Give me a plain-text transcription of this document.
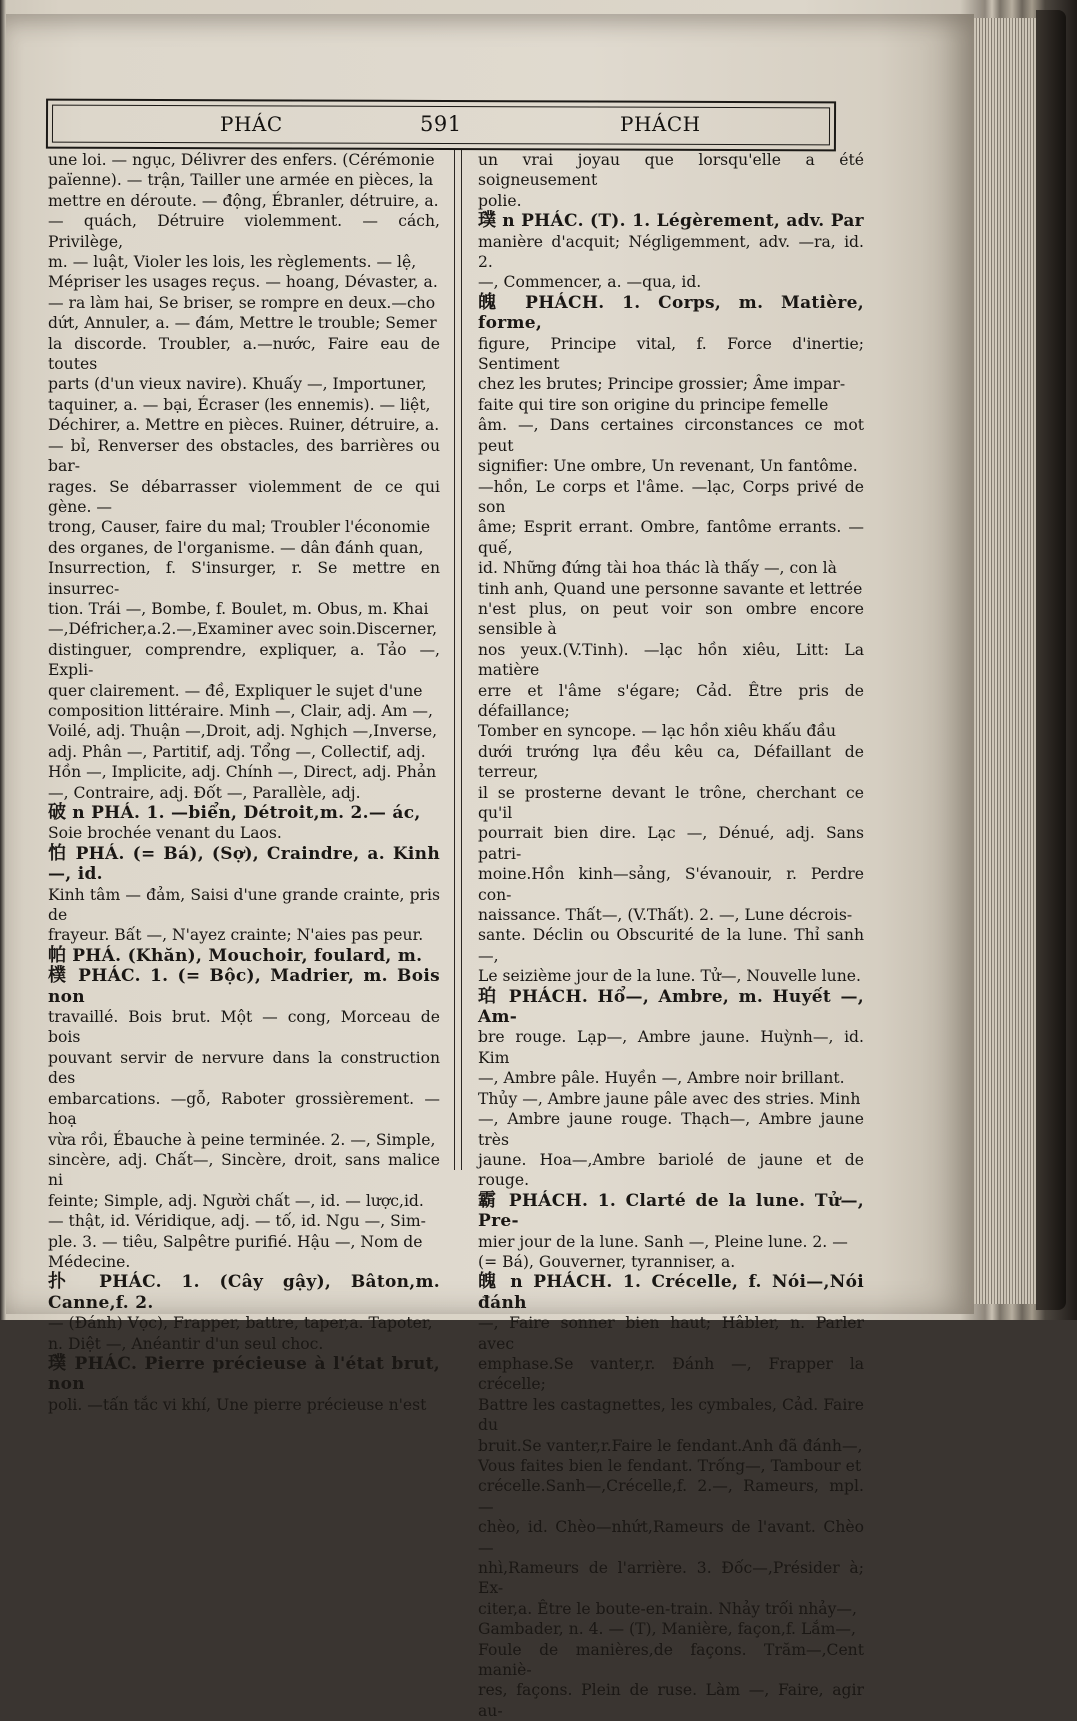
PHÁC	591	PHÁCH

une loi. — ngục, Délivrer des enfers. (Cérémonie
païenne). — trận, Tailler une armée en pièces, la
mettre en déroute. — động, Ébranler, détruire, a.
— quách, Détruire violemment. — cách, Privilège,
m. — luật, Violer les lois, les règlements. — lệ,
Mépriser les usages reçus. — hoang, Dévaster, a.
— ra làm hai, Se briser, se rompre en deux.—cho
dứt, Annuler, a. — đám, Mettre le trouble; Semer
la discorde. Troubler, a.—nước, Faire eau de toutes
parts (d'un vieux navire). Khuấy —, Importuner,
taquiner, a. — bại, Écraser (les ennemis). — liệt,
Déchirer, a. Mettre en pièces. Ruiner, détruire, a.
— bỉ, Renverser des obstacles, des barrières ou bar-
rages. Se débarrasser violemment de ce qui gène. —
trong, Causer, faire du mal; Troubler l'économie
des organes, de l'organisme. — dân đánh quan,
Insurrection, f. S'insurger, r. Se mettre en insurrec-
tion. Trái —, Bombe, f. Boulet, m. Obus, m. Khai
—,Défricher,a.2.—,Examiner avec soin.Discerner,
distinguer, comprendre, expliquer, a. Tảo —, Expli-
quer clairement. — đề, Expliquer le sujet d'une
composition littéraire. Minh —, Clair, adj. Am —,
Voilé, adj. Thuận —,Droit, adj. Nghịch —,Inverse,
adj. Phân —, Partitif, adj. Tổng —, Collectif, adj.
Hồn —, Implicite, adj. Chính —, Direct, adj. Phản
—, Contraire, adj. Đốt —, Parallèle, adj.

破 n PHÁ. 1. —biển, Détroit,m. 2.— ác,
Soie brochée venant du Laos.

怕 PHÁ. (= Bá), (Sợ), Craindre, a. Kinh —, id.
Kinh tâm — đảm, Saisi d'une grande crainte, pris de
frayeur. Bất —, N'ayez crainte; N'aies pas peur.

帕 PHÁ. (Khăn), Mouchoir, foulard, m.

樸 PHÁC. 1. (= Bộc), Madrier, m. Bois non
travaillé. Bois brut. Một — cong, Morceau de bois
pouvant servir de nervure dans la construction des
embarcations. —gỗ, Raboter grossièrement. —hoạ
vừa rồi, Ébauche à peine terminée. 2. —, Simple,
sincère, adj. Chất—, Sincère, droit, sans malice ni
feinte; Simple, adj. Người chất —, id. — lược,id.
— thật, id. Véridique, adj. — tố, id. Ngu —, Sim-
ple. 3. — tiêu, Salpêtre purifié. Hậu —, Nom de
Médecine.

扑 PHÁC. 1. (Cây gậy), Bâton,m. Canne,f. 2.
— (Đánh) Vọc), Frapper, battre, taper,a. Tapoter,
n. Diệt —, Anéantir d'un seul choc.

璞 PHÁC. Pierre précieuse à l'état brut, non
poli. —tấn tắc vi khí, Une pierre précieuse n'est

un vrai joyau que lorsqu'elle a été soigneusement
polie.

璞 n PHÁC. (T). 1. Légèrement, adv. Par
manière d'acquit; Négligemment, adv. —ra, id. 2.
—, Commencer, a. —qua, id.

魄 PHÁCH. 1. Corps, m. Matière, forme,
figure, Principe vital, f. Force d'inertie; Sentiment
chez les brutes; Principe grossier; Âme impar-
faite qui tire son origine du principe femelle
âm. —, Dans certaines circonstances ce mot peut
signifier: Une ombre, Un revenant, Un fantôme.
—hồn, Le corps et l'âme. —lạc, Corps privé de son
âme; Esprit errant. Ombre, fantôme errants. —quế,
id. Những đứng tài hoa thác là thấy —, con là
tinh anh, Quand une personne savante et lettrée
n'est plus, on peut voir son ombre encore sensible à
nos yeux.(V.Tinh). —lạc hồn xiêu, Litt: La matière
erre et l'âme s'égare; Cảd. Être pris de défaillance;
Tomber en syncope. — lạc hồn xiêu khấu đầu
dưới trướng lựa đều kêu ca, Défaillant de terreur,
il se prosterne devant le trône, cherchant ce qu'il
pourrait bien dire. Lạc —, Dénué, adj. Sans patri-
moine.Hồn kinh—sảng, S'évanouir, r. Perdre con-
naissance. Thất—, (V.Thất). 2. —, Lune décrois-
sante. Déclin ou Obscurité de la lune. Thỉ sanh —,
Le seizième jour de la lune. Tử—, Nouvelle lune.

珀 PHÁCH. Hổ—, Ambre, m. Huyết —, Am-
bre rouge. Lạp—, Ambre jaune. Huỳnh—, id. Kim
—, Ambre pâle. Huyền —, Ambre noir brillant.
Thủy —, Ambre jaune pâle avec des stries. Minh
—, Ambre jaune rouge. Thạch—, Ambre jaune très
jaune. Hoa—,Ambre bariolé de jaune et de rouge.

霸 PHÁCH. 1. Clarté de la lune. Tử—, Pre-
mier jour de la lune. Sanh —, Pleine lune. 2. —
(= Bá), Gouverner, tyranniser, a.

魄 n PHÁCH. 1. Crécelle, f. Nói—,Nói đánh
—, Faire sonner bien haut; Hâbler, n. Parler avec
emphase.Se vanter,r. Đánh —, Frapper la crécelle;
Battre les castagnettes, les cymbales, Cảd. Faire du
bruit.Se vanter,r.Faire le fendant.Anh đã đánh—,
Vous faites bien le fendant. Trống—, Tambour et
crécelle.Sanh—,Crécelle,f. 2.—, Rameurs, mpl. —
chèo, id. Chèo—nhứt,Rameurs de l'avant. Chèo —
nhì,Rameurs de l'arrière. 3. Đốc—,Présider à; Ex-
citer,a. Être le boute-en-train. Nhảy trối nhảy—,
Gambader, n. 4. — (T), Manière, façon,f. Lắm—,
Foule de manières,de façons. Trăm—,Cent maniè-
res, façons. Plein de ruse. Làm —, Faire, agir au-
